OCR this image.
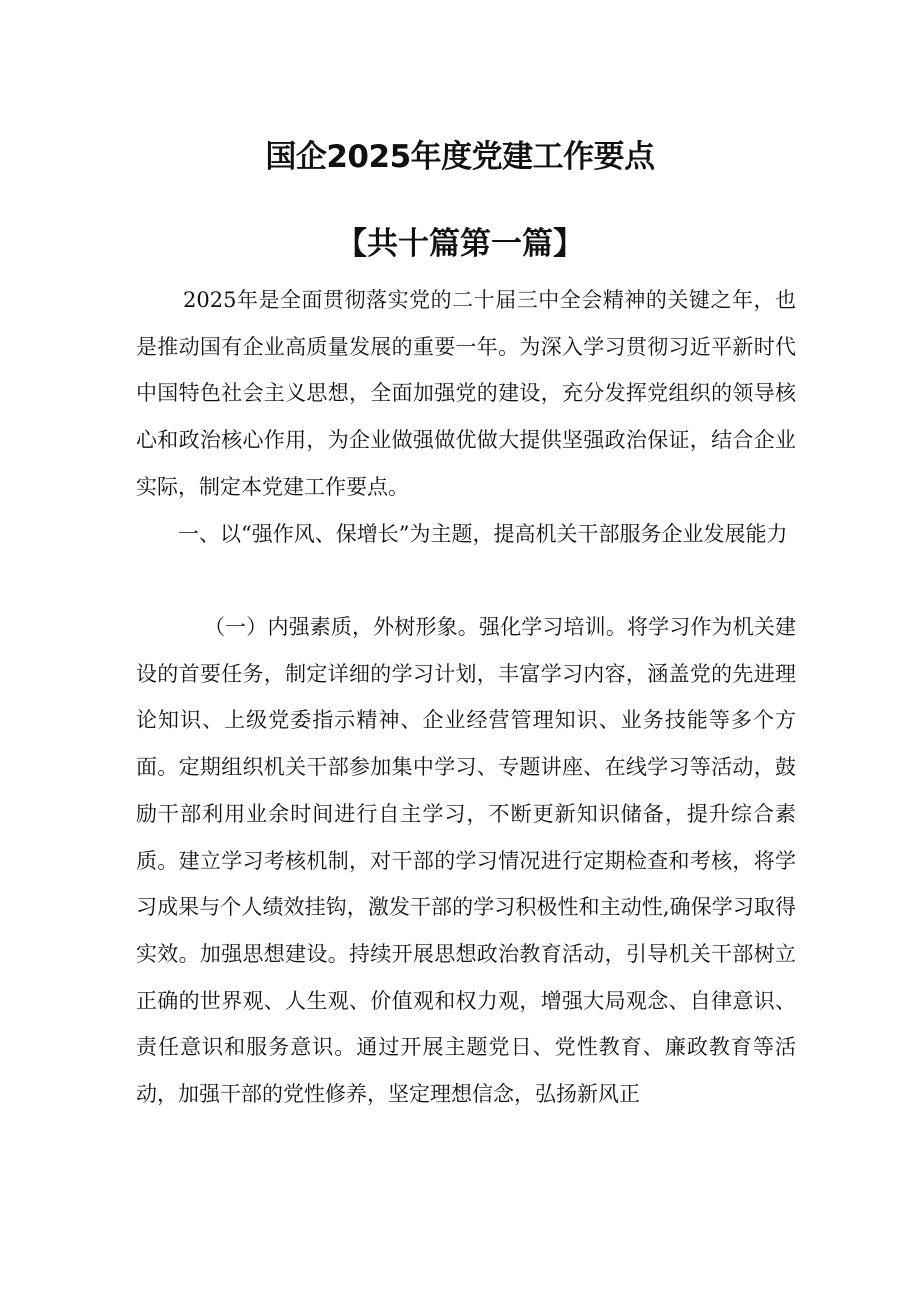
国企2025年度党建工作要点
【共十篇第一篇】

2025年是全面贯彻落实党的二十届三中全会精神的关键之年，也是推动国有企业高质量发展的重要一年。为深入学习贯彻习近平新时代中国特色社会主义思想，全面加强党的建设，充分发挥党组织的领导核心和政治核心作用，为企业做强做优做大提供坚强政治保证，结合企业实际，制定本党建工作要点。

一、以“强作风、保增长”为主题，提高机关干部服务企业发展能力

（一）内强素质，外树形象。强化学习培训。将学习作为机关建设的首要任务，制定详细的学习计划，丰富学习内容，涵盖党的先进理论知识、上级党委指示精神、企业经营管理知识、业务技能等多个方面。定期组织机关干部参加集中学习、专题讲座、在线学习等活动，鼓励干部利用业余时间进行自主学习，不断更新知识储备，提升综合素质。建立学习考核机制，对干部的学习情况进行定期检查和考核，将学习成果与个人绩效挂钩，激发干部的学习积极性和主动性,确保学习取得实效。加强思想建设。持续开展思想政治教育活动，引导机关干部树立正确的世界观、人生观、价值观和权力观，增强大局观念、自律意识、责任意识和服务意识。通过开展主题党日、党性教育、廉政教育等活动，加强干部的党性修养，坚定理想信念，弘扬新风正
